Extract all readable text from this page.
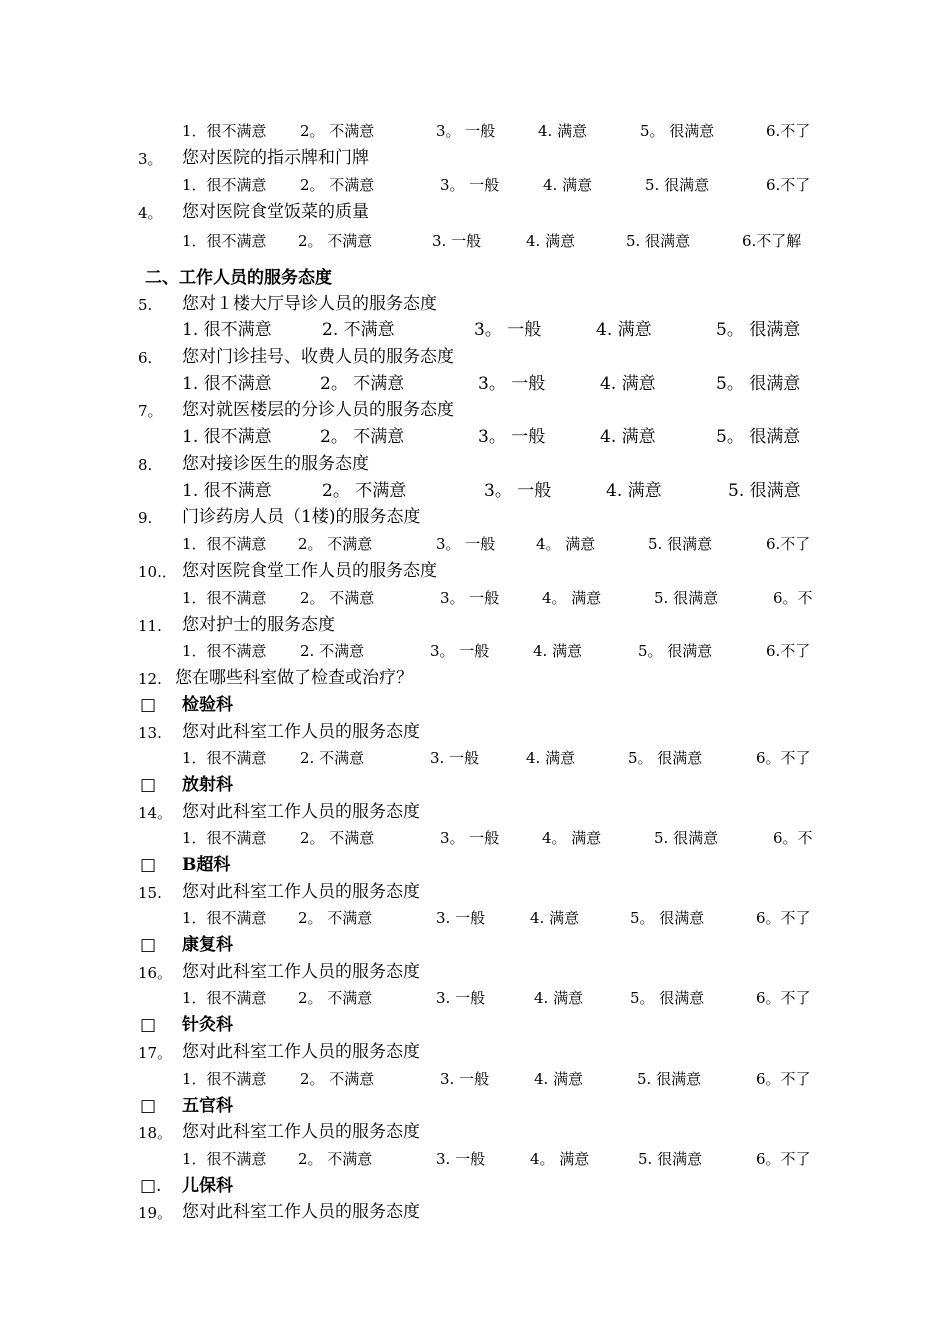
1．很不满意 2。 不满意	3。 一般	4. 满意	5。 很满意	6.不了
3。 您对医院的指示牌和门牌
1．很不满意 2。 不满意	3。 一般	4. 满意	5. 很满意	6.不了
4。 您对医院食堂饭菜的质量
1．很不满意 2。 不满意	3. 一般	4. 满意	5. 很满意	6.不了解
二、工作人员的服务态度
5. 您对１楼大厅导诊人员的服务态度
1. 很不满意	2. 不满意	3。 一般	4. 满意	5。 很满意
6. 您对门诊挂号、收费人员的服务态度
1. 很不满意	2。 不满意	3。 一般	4. 满意	5。 很满意
7。 您对就医楼层的分诊人员的服务态度
1. 很不满意	2。 不满意	3。 一般	4. 满意	5。 很满意
8. 您对接诊医生的服务态度
1. 很不满意	2。 不满意	3。 一般	4. 满意	5. 很满意
9. 门诊药房人员（1楼)的服务态度
1．很不满意 2。 不满意	3。 一般	4。 满意	5. 很满意	6.不了
10.． 您对医院食堂工作人员的服务态度
1．很不满意 2。 不满意	3。 一般	4。 满意	5. 很满意	6。不
11. 您对护士的服务态度
1．很不满意 2. 不满意	3。 一般	4. 满意	5。 很满意	6.不了
12. 您在哪些科室做了检查或治疗？
□ 检验科
13. 您对此科室工作人员的服务态度
1．很不满意 2. 不满意	3. 一般	4. 满意	5。 很满意	6。不了
□ 放射科
14。 您对此科室工作人员的服务态度
1．很不满意 2。 不满意	3。 一般	4。 满意	5. 很满意	6。不
□ B超科
15. 您对此科室工作人员的服务态度
1．很不满意 2。 不满意	3. 一般	4. 满意	5。 很满意	6。不了
□ 康复科
16。 您对此科室工作人员的服务态度
1．很不满意 2。 不满意	3. 一般	4. 满意	5。 很满意	6。不了
□ 针灸科
17。 您对此科室工作人员的服务态度
1．很不满意 2。 不满意	3. 一般	4. 满意	5. 很满意	6。不了
□ 五官科
18。 您对此科室工作人员的服务态度
1．很不满意 2。 不满意	3. 一般	4。 满意	5. 很满意	6。不了
□. 儿保科
19。 您对此科室工作人员的服务态度
